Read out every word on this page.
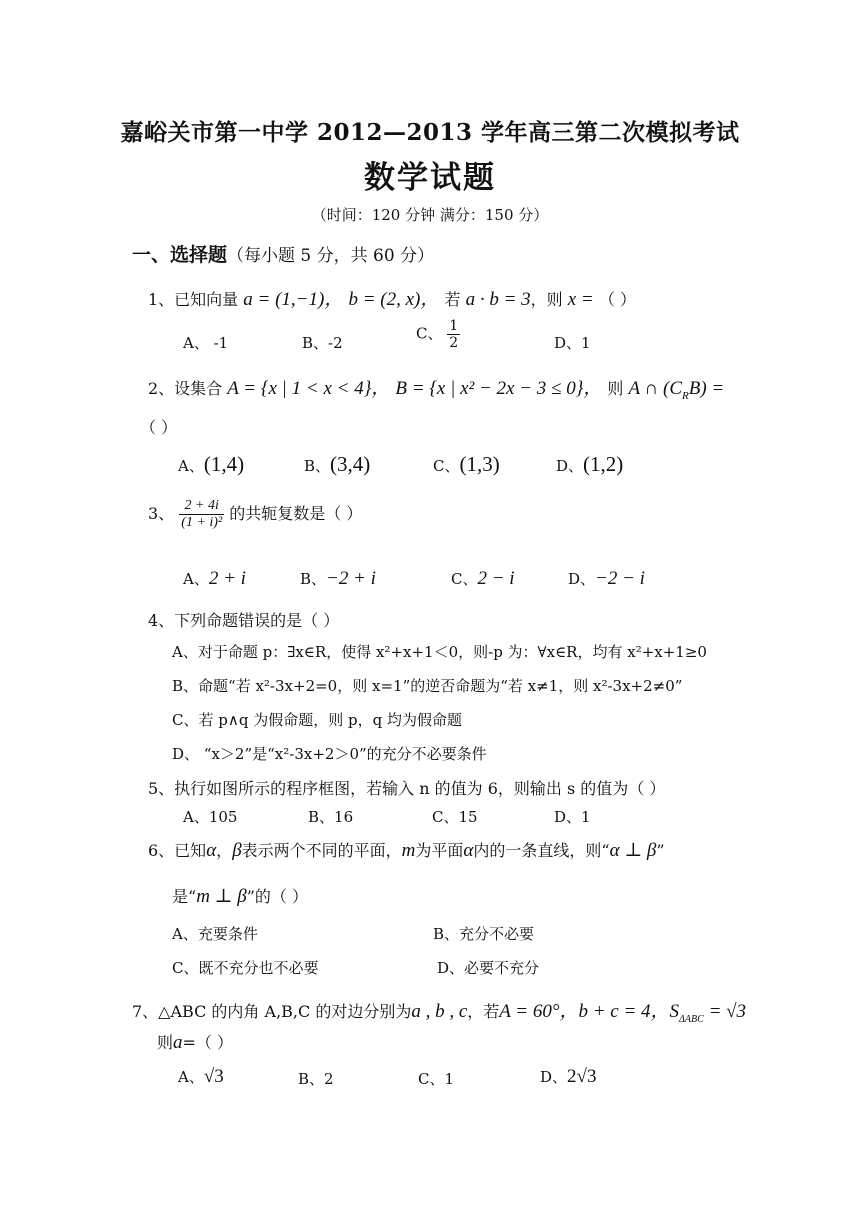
嘉峪关市第一中学 2012—2013 学年高三第二次模拟考试
数学试题
（时间：120 分钟 满分：150 分）
一、选择题（每小题 5 分，共 60 分）
1、已知向量 a = (1,−1)， b = (2, x)， 若 a · b = 3，则 x = （ ）
A、 -1	B、-2
C、 $\frac{1}{2}$	D、1
2、设集合 A = {x | 1 < x < 4}， B = {x | x² − 2x − 3 ≤ 0}， 则 A ∩ $(C_RB)$ =
（ ）
A、(1,4)	B、(3,4)	C、(1,3)	D、(1,2)
3、 $\frac{2 + 4i}{\text{(1 + i)²}}$ 的共轭复数是（ ）
A、2 + i	B、−2 + i	C、2 − i	D、−2 − i
4、下列命题错误的是（ ）
A、对于命题 p：∃x∈R，使得 x²+x+1＜0，则-p 为：∀x∈R，均有 x²+x+1≥0
B、命题“若 x²-3x+2=0，则 x=1”的逆否命题为“若 x≠1，则 x²-3x+2≠0”
C、若 p∧q 为假命题，则 p，q 均为假命题
D、 “x＞2”是“x²-3x+2＞0”的充分不必要条件
5、执行如图所示的程序框图，若输入 n 的值为 6，则输出 s 的值为（ ）
A、105	B、16	C、15	D、1
6、已知α，β表示两个不同的平面，m为平面α内的一条直线，则“α ⊥ β”
是“m ⊥ β”的（ ）
A、充要条件	B、充分不必要
C、既不充分也不必要	D、必要不充分
7、△ABC 的内角 A,B,C 的对边分别为a , b , c，若A = 60°，b + c = 4，$S_{\Delta ABC} = √3$
则a=（ ）
A、√3	B、2	C、1	D、2√3
